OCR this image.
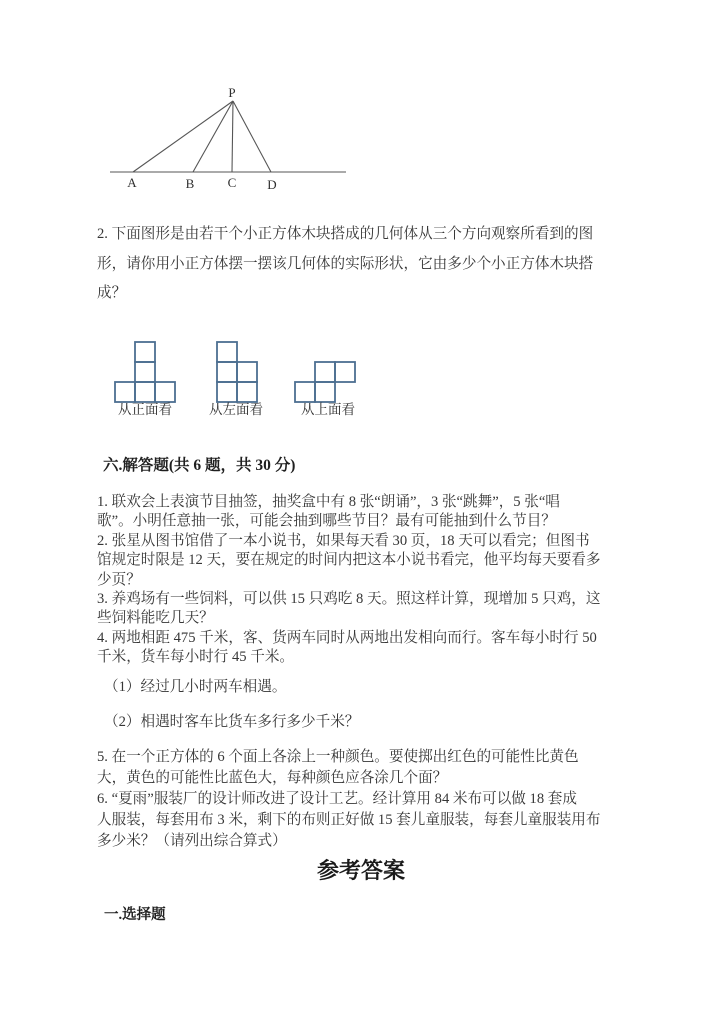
P
A	B	C D
2. 下面图形是由若干个小正方体木块搭成的几何体从三个方向观察所看到的图
形，请你用小正方体摆一摆该几何体的实际形状，它由多少个小正方体木块搭
成？
从正面看	从左面看	从上面看
六.解答题(共 6 题，共 30 分)
1. 联欢会上表演节目抽签，抽奖盒中有 8 张“朗诵”，3 张“跳舞”，5 张“唱
歌”。小明任意抽一张，可能会抽到哪些节目？最有可能抽到什么节目？
2. 张星从图书馆借了一本小说书，如果每天看 30 页，18 天可以看完；但图书
馆规定时限是 12 天，要在规定的时间内把这本小说书看完，他平均每天要看多
少页？
3. 养鸡场有一些饲料，可以供 15 只鸡吃 8 天。照这样计算，现增加 5 只鸡，这
些饲料能吃几天？
4. 两地相距 475 千米，客、货两车同时从两地出发相向而行。客车每小时行 50
千米，货车每小时行 45 千米。
（1）经过几小时两车相遇。
（2）相遇时客车比货车多行多少千米？
5. 在一个正方体的 6 个面上各涂上一种颜色。要使掷出红色的可能性比黄色
大，黄色的可能性比蓝色大，每种颜色应各涂几个面？
6. “夏雨”服装厂的设计师改进了设计工艺。经计算用 84 米布可以做 18 套成
人服装，每套用布 3 米，剩下的布则正好做 15 套儿童服装，每套儿童服装用布
多少米？（请列出综合算式）
参考答案
一.选择题
